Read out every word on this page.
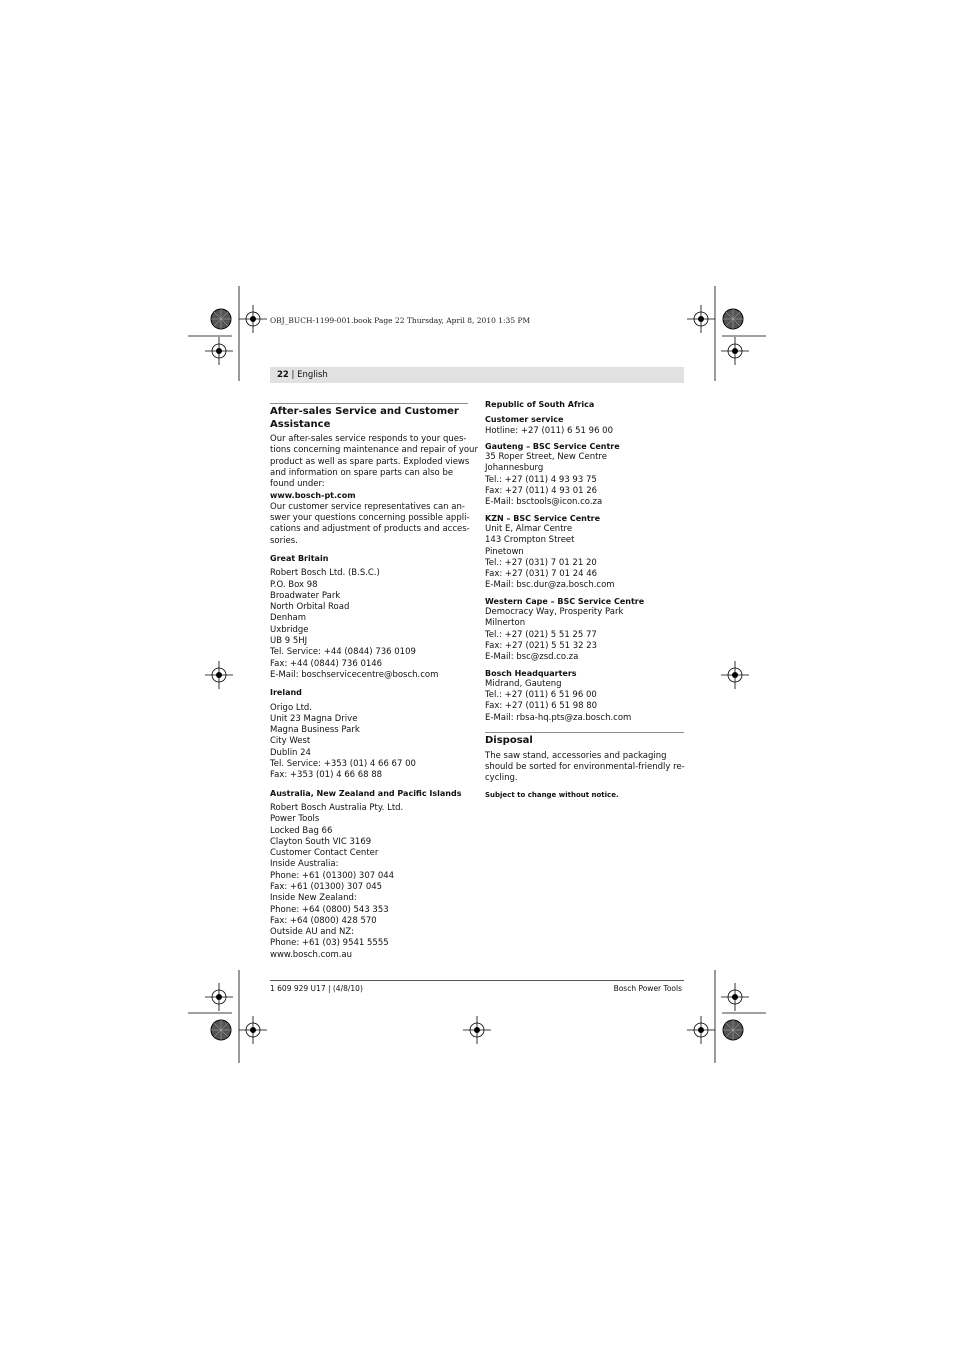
OBJ_BUCH-1199-001.book Page 22 Thursday, April 8, 2010 1:35 PM
22 | English
After-sales Service and Customer
Assistance
Our after-sales service responds to your ques-
tions concerning maintenance and repair of your
product as well as spare parts. Exploded views
and information on spare parts can also be
found under:
www.bosch-pt.com
Our customer service representatives can an-
swer your questions concerning possible appli-
cations and adjustment of products and acces-
sories.
Great Britain
Robert Bosch Ltd. (B.S.C.)
P.O. Box 98
Broadwater Park
North Orbital Road
Denham
Uxbridge
UB 9 5HJ
Tel. Service: +44 (0844) 736 0109
Fax: +44 (0844) 736 0146
E-Mail: boschservicecentre@bosch.com
Ireland
Origo Ltd.
Unit 23 Magna Drive
Magna Business Park
City West
Dublin 24
Tel. Service: +353 (01) 4 66 67 00
Fax: +353 (01) 4 66 68 88
Australia, New Zealand and Pacific Islands
Robert Bosch Australia Pty. Ltd.
Power Tools
Locked Bag 66
Clayton South VIC 3169
Customer Contact Center
Inside Australia:
Phone: +61 (01300) 307 044
Fax: +61 (01300) 307 045
Inside New Zealand:
Phone: +64 (0800) 543 353
Fax: +64 (0800) 428 570
Outside AU and NZ:
Phone: +61 (03) 9541 5555
www.bosch.com.au
Republic of South Africa
Customer service
Hotline: +27 (011) 6 51 96 00
Gauteng – BSC Service Centre
35 Roper Street, New Centre
Johannesburg
Tel.: +27 (011) 4 93 93 75
Fax: +27 (011) 4 93 01 26
E-Mail: bsctools@icon.co.za
KZN – BSC Service Centre
Unit E, Almar Centre
143 Crompton Street
Pinetown
Tel.: +27 (031) 7 01 21 20
Fax: +27 (031) 7 01 24 46
E-Mail: bsc.dur@za.bosch.com
Western Cape – BSC Service Centre
Democracy Way, Prosperity Park
Milnerton
Tel.: +27 (021) 5 51 25 77
Fax: +27 (021) 5 51 32 23
E-Mail: bsc@zsd.co.za
Bosch Headquarters
Midrand, Gauteng
Tel.: +27 (011) 6 51 96 00
Fax: +27 (011) 6 51 98 80
E-Mail: rbsa-hq.pts@za.bosch.com
Disposal
The saw stand, accessories and packaging
should be sorted for environmental-friendly re-
cycling.
Subject to change without notice.
1 609 929 U17 | (4/8/10)	Bosch Power Tools
